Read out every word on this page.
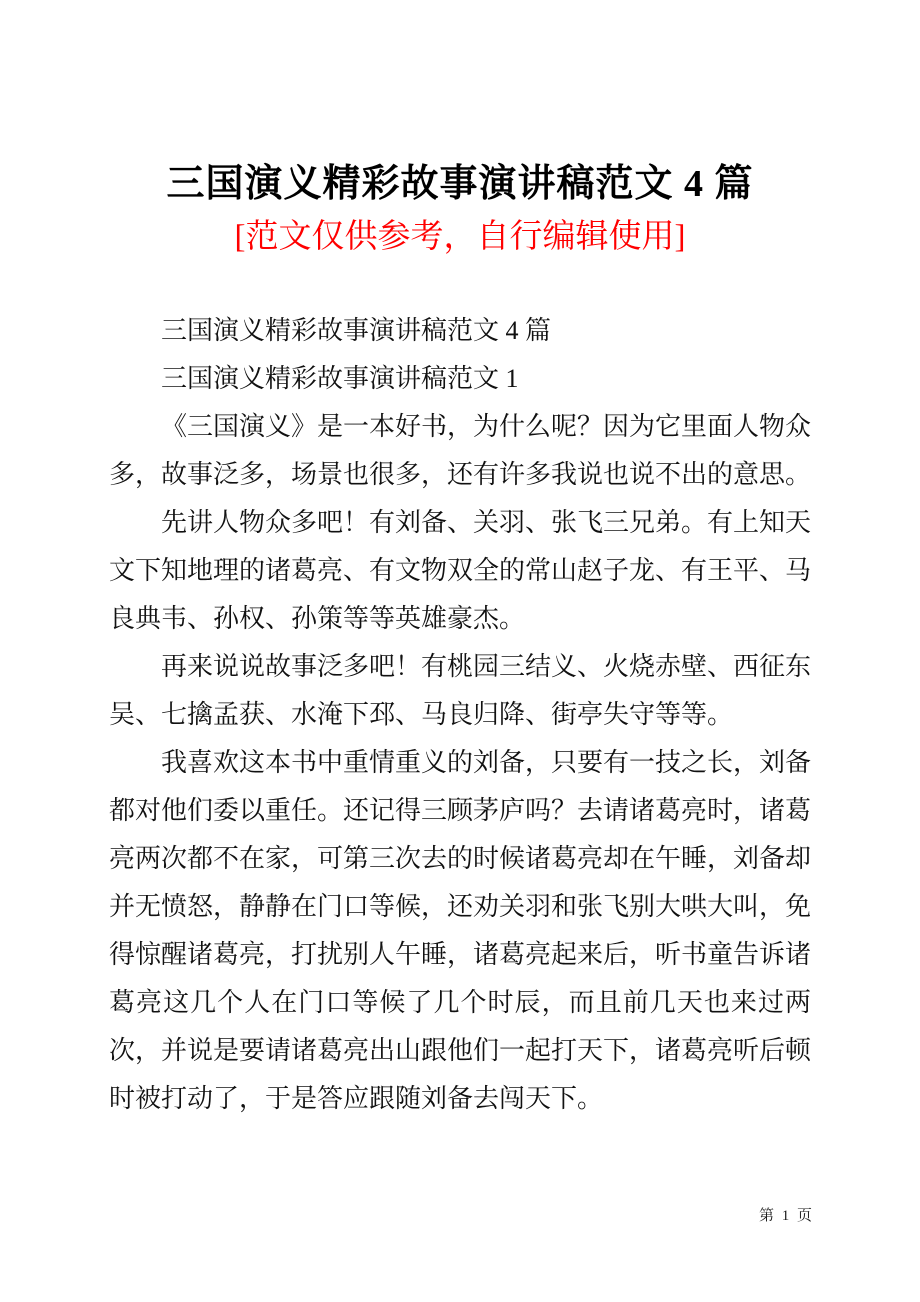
三国演义精彩故事演讲稿范文 4 篇
[范文仅供参考，自行编辑使用]

三国演义精彩故事演讲稿范文 4 篇

三国演义精彩故事演讲稿范文 1

《三国演义》是一本好书，为什么呢？因为它里面人物众多，故事泛多，场景也很多，还有许多我说也说不出的意思。

先讲人物众多吧！有刘备、关羽、张飞三兄弟。有上知天文下知地理的诸葛亮、有文物双全的常山赵子龙、有王平、马良典韦、孙权、孙策等等英雄豪杰。

再来说说故事泛多吧！有桃园三结义、火烧赤壁、西征东吴、七擒孟获、水淹下邳、马良归降、街亭失守等等。

我喜欢这本书中重情重义的刘备，只要有一技之长，刘备都对他们委以重任。还记得三顾茅庐吗？去请诸葛亮时，诸葛亮两次都不在家，可第三次去的时候诸葛亮却在午睡，刘备却并无愤怒，静静在门口等候，还劝关羽和张飞别大哄大叫，免得惊醒诸葛亮，打扰别人午睡，诸葛亮起来后，听书童告诉诸葛亮这几个人在门口等候了几个时辰，而且前几天也来过两次，并说是要请诸葛亮出山跟他们一起打天下，诸葛亮听后顿时被打动了，于是答应跟随刘备去闯天下。

第 1 页
